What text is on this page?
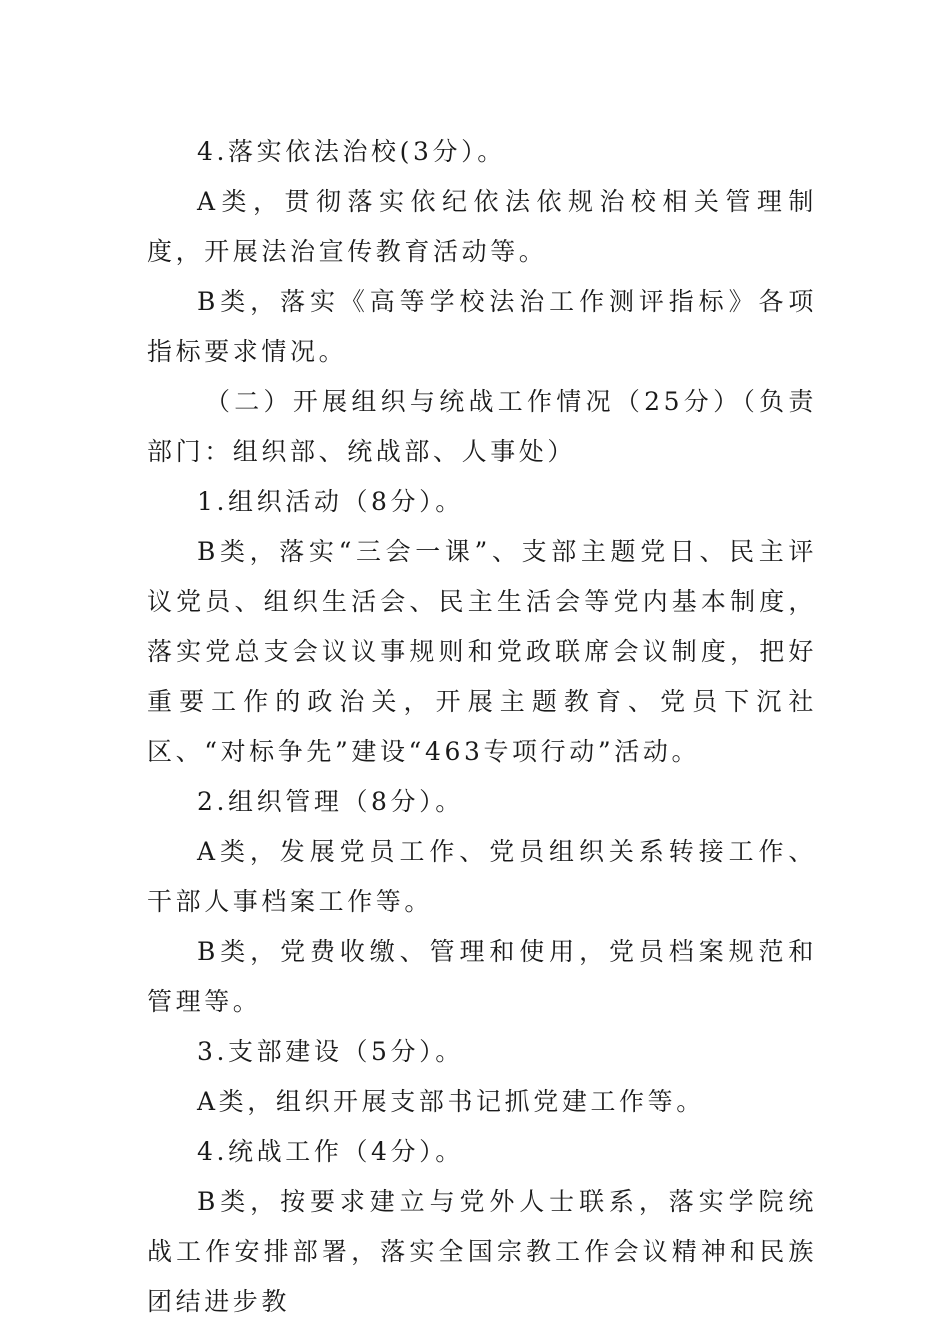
4.落实依法治校(3分）。

A类，贯彻落实依纪依法依规治校相关管理制度，开展法治宣传教育活动等。

B类，落实《高等学校法治工作测评指标》各项指标要求情况。

（二）开展组织与统战工作情况（25分）（负责部门：组织部、统战部、人事处）

1.组织活动（8分）。

B类，落实“三会一课”、支部主题党日、民主评议党员、组织生活会、民主生活会等党内基本制度，落实党总支会议议事规则和党政联席会议制度，把好重要工作的政治关，开展主题教育、党员下沉社区、“对标争先”建设“463专项行动”活动。

2.组织管理（8分）。

A类，发展党员工作、党员组织关系转接工作、干部人事档案工作等。

B类，党费收缴、管理和使用，党员档案规范和管理等。

3.支部建设（5分）。

A类，组织开展支部书记抓党建工作等。

4.统战工作（4分）。

B类，按要求建立与党外人士联系，落实学院统战工作安排部署，落实全国宗教工作会议精神和民族团结进步教
